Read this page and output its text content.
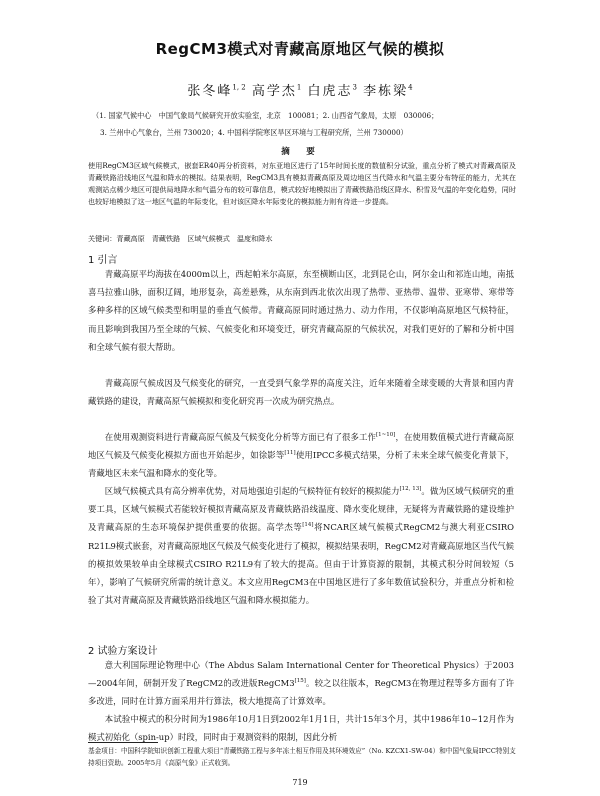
RegCM3模式对青藏高原地区气候的模拟
张冬峰$^{1, 2}$ 高学杰$^1$ 白虎志$^3$ 李栋梁$^4$
（1. 国家气候中心　中国气象局气候研究开放实验室，北京　100081；2. 山西省气象局，太原　030006；
3. 兰州中心气象台，兰州 730020；4. 中国科学院寒区旱区环境与工程研究所，兰州 730000）
摘　要
使用RegCM3区域气候模式，嵌套ER40再分析资料，对东亚地区进行了15年时间长度的数值积分试验，重点分析了模式对青藏高原及青藏铁路沿线地区气温和降水的模拟。结果表明，RegCM3具有模拟青藏高原及周边地区当代降水和气温主要分布特征的能力，尤其在观测站点稀少地区可提供局地降水和气温分布的较可靠信息，模式较好地模拟出了青藏铁路沿线区降水、积雪及气温的年变化趋势，同时也较好地模拟了这一地区气温的年际变化，但对该区降水年际变化的模拟能力则有待进一步提高。
关键词：青藏高原　青藏铁路　区域气候模式　温度和降水
1 引言

青藏高原平均海拔在4000m以上，西起帕米尔高原，东至横断山区，北到昆仑山，阿尔金山和祁连山地，南抵喜马拉雅山脉，面积辽阔，地形复杂，高差悬殊，从东南到西北依次出现了热带、亚热带、温带、亚寒带、寒带等多种多样的区域气候类型和明显的垂直气候带。青藏高原同时通过热力、动力作用，不仅影响高原地区气候特征，而且影响到我国乃至全球的气候、气候变化和环境变迁，研究青藏高原的气候状况，对我们更好的了解和分析中国和全球气候有很大帮助。

青藏高原气候成因及气候变化的研究，一直受到气象学界的高度关注，近年来随着全球变暖的大背景和国内青藏铁路的建设，青藏高原气候模拟和变化研究再一次成为研究热点。

在使用观测资料进行青藏高原气候及气候变化分析等方面已有了很多工作[1~10]，在使用数值模式进行青藏高原地区气候及气候变化模拟方面也开始起步，如徐影等[11]使用IPCC多模式结果，分析了未来全球气候变化背景下，青藏地区未来气温和降水的变化等。

区域气候模式具有高分辨率优势，对局地强迫引起的气候特征有较好的模拟能力[12, 13]。做为区域气候研究的重要工具，区域气候模式若能较好模拟青藏高原及青藏铁路沿线温度、降水变化规律，无疑将为青藏铁路的建设维护及青藏高原的生态环境保护提供重要的依据。高学杰等[14]将NCAR区域气候模式RegCM2与澳大利亚CSIRO R21L9模式嵌套，对青藏高原地区气候及气候变化进行了模拟，模拟结果表明，RegCM2对青藏高原地区当代气候的模拟效果较单由全球模式CSIRO R21L9有了较大的提高。但由于计算资源的限制，其模式积分时间较短（5年），影响了气候研究所需的统计意义。本文应用RegCM3在中国地区进行了多年数值试验积分，并重点分析和检验了其对青藏高原及青藏铁路沿线地区气温和降水模拟能力。

2 试验方案设计

意大利国际理论物理中心（The Abdus Salam International Center for Theoretical Physics）于2003—2004年间，研制开发了RegCM2的改进版RegCM3[15]。较之以往版本，RegCM3在物理过程等多方面有了许多改进，同时在计算方面采用并行算法，极大地提高了计算效率。

本试验中模式的积分时间为1986年10月1日到2002年1月1日，共计15年3个月，其中1986年10~12月作为模式初始化（spin-up）时段，同时由于观测资料的限制，因此分析

基金项目：中国科学院知识创新工程重大项目“青藏铁路工程与多年冻土相互作用及其环境效应”（No. KZCX1-SW-04）和中国气象局IPCC特别支持项目资助。2005年5月《高原气象》正式收到。
719
